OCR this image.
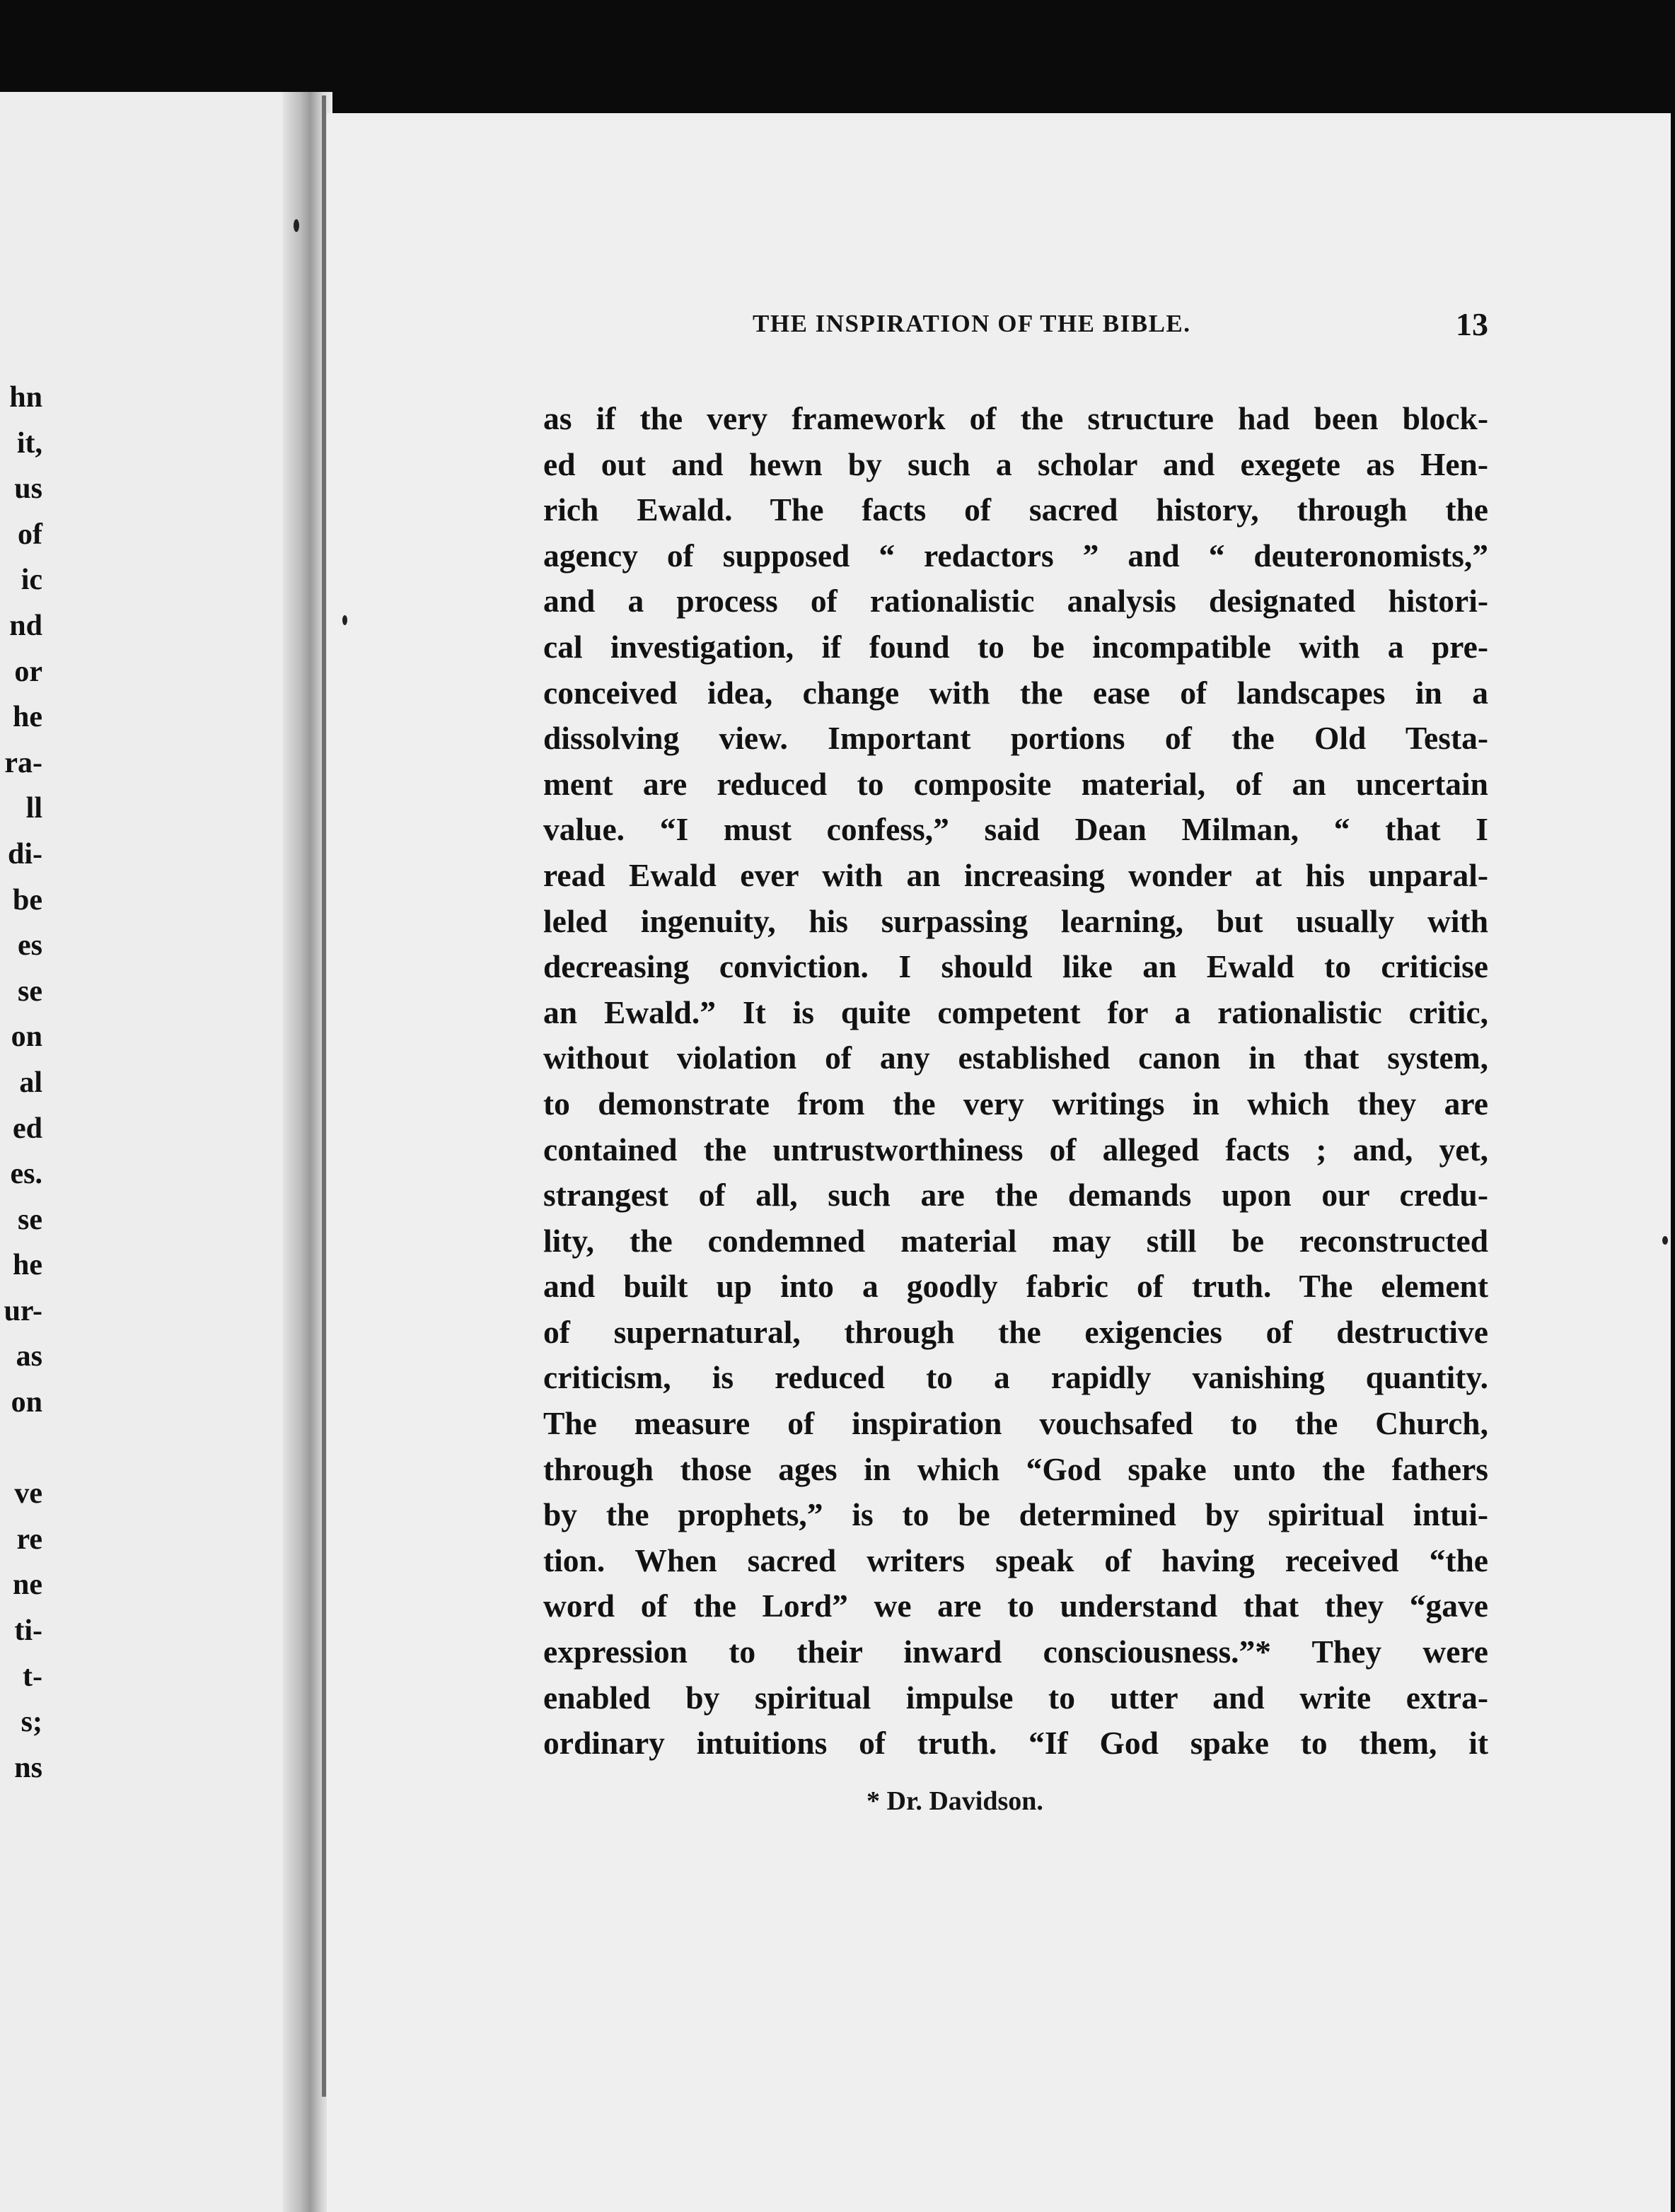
hn
it,
us
of
ic
nd
or
he
ra-
ll
di-
be
es
se
on
al
ed
es.
se
he
ur-
as
on
ve
re
ne
ti-
t-
s;
ns
THE INSPIRATION OF THE BIBLE.	13
as if the very framework of the structure had been block-
ed out and hewn by such a scholar and exegete as Hen-
rich Ewald. The facts of sacred history, through the
agency of supposed “ redactors ” and “ deuteronomists,”
and a process of rationalistic analysis designated histori-
cal investigation, if found to be incompatible with a pre-
conceived idea, change with the ease of landscapes in a
dissolving view. Important portions of the Old Testa-
ment are reduced to composite material, of an uncertain
value. “I must confess,” said Dean Milman, “ that I
read Ewald ever with an increasing wonder at his unparal-
leled ingenuity, his surpassing learning, but usually with
decreasing conviction. I should like an Ewald to criticise
an Ewald.” It is quite competent for a rationalistic critic,
without violation of any established canon in that system,
to demonstrate from the very writings in which they are
contained the untrustworthiness of alleged facts ; and, yet,
strangest of all, such are the demands upon our credu-
lity, the condemned material may still be reconstructed
and built up into a goodly fabric of truth. The element
of supernatural, through the exigencies of destructive
criticism, is reduced to a rapidly vanishing quantity.
The measure of inspiration vouchsafed to the Church,
through those ages in which “God spake unto the fathers
by the prophets,” is to be determined by spiritual intui-
tion. When sacred writers speak of having received “the
word of the Lord” we are to understand that they “gave
expression to their inward consciousness.”* They were
enabled by spiritual impulse to utter and write extra-
ordinary intuitions of truth. “If God spake to them, it
* Dr. Davidson.
